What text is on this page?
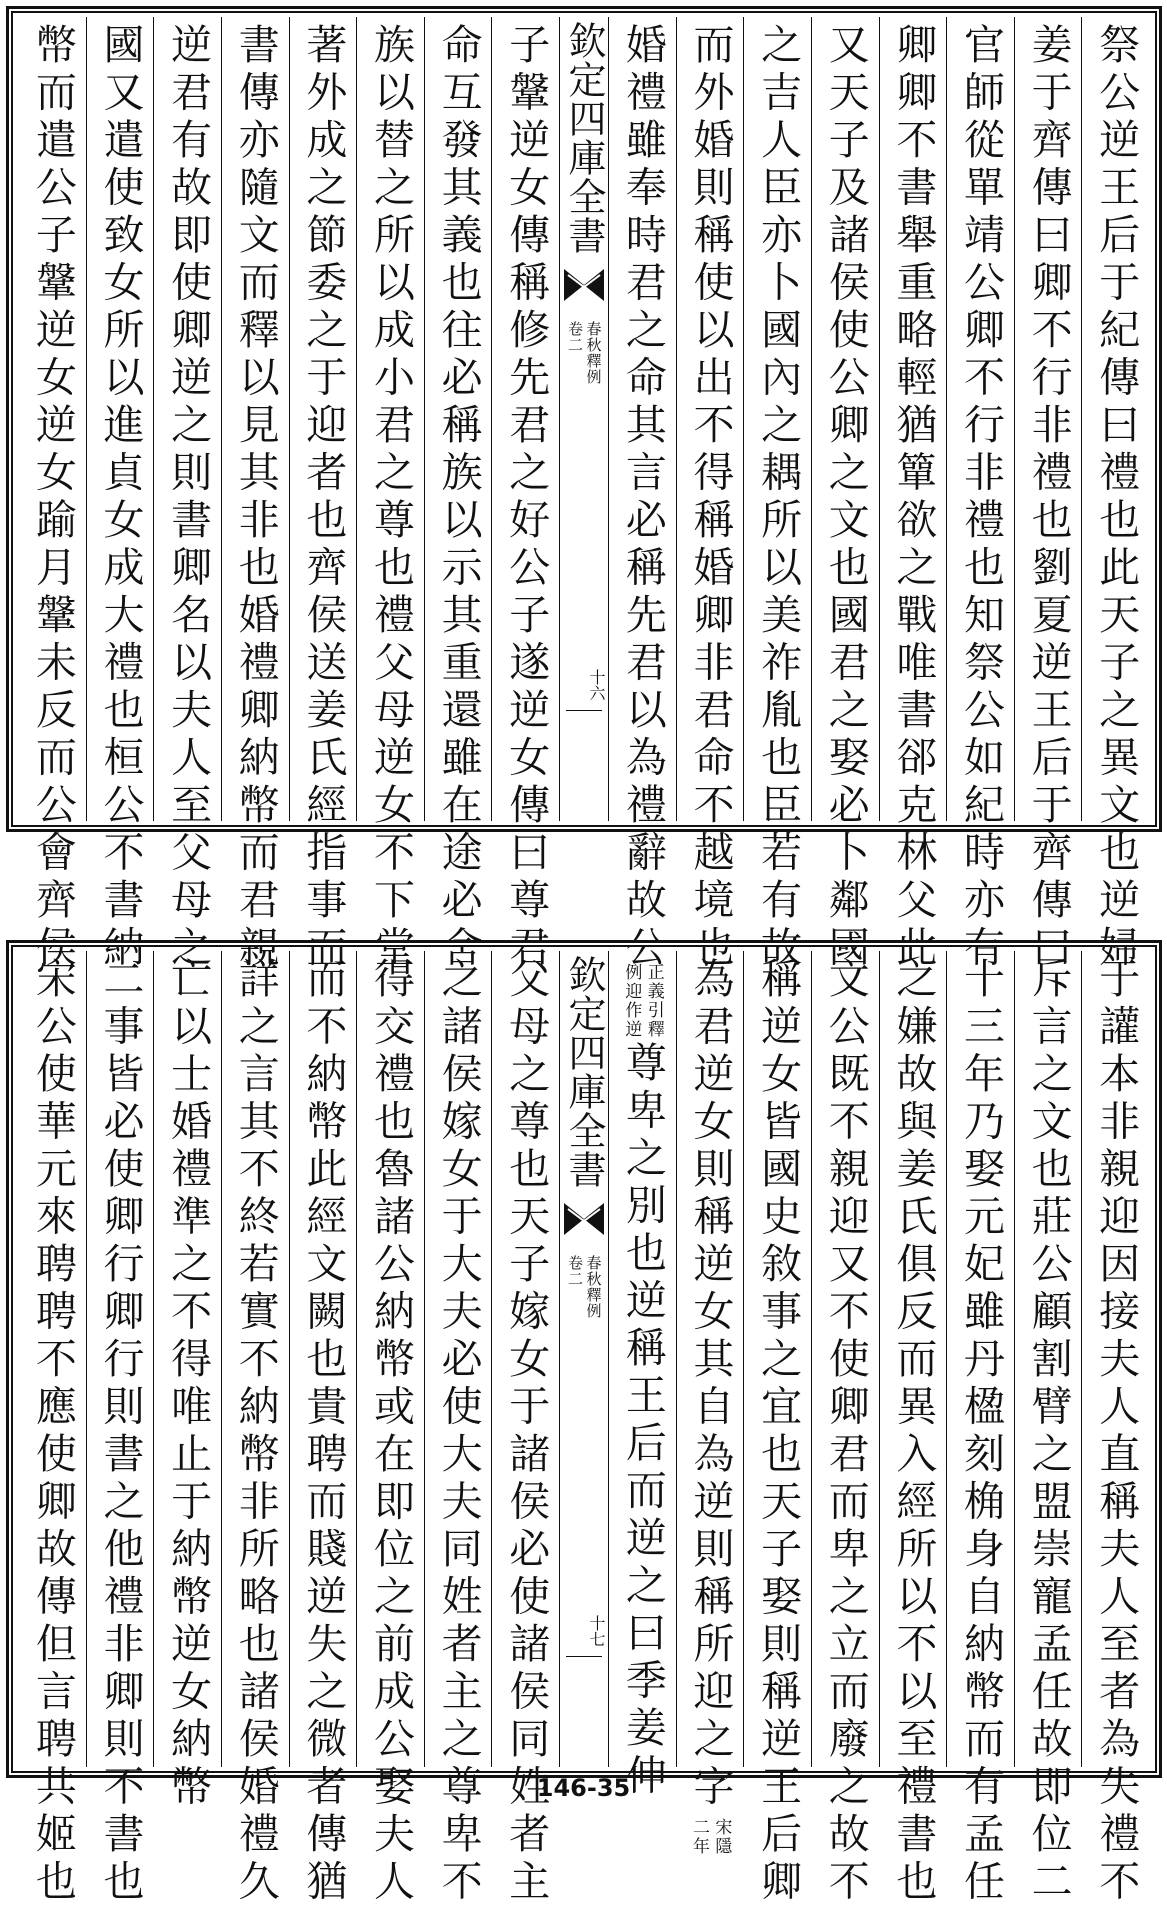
祭公逆王后于紀傳曰禮也此天子之異文也逆婦
姜于齊傳曰卿不行非禮也劉夏逆王后于齊傳曰
官師從單靖公卿不行非禮也知祭公如紀時亦有
卿卿不書舉重略輕猶簞欲之戰唯書郤克林父此
又天子及諸侯使公卿之文也國君之娶必卜鄰國
之吉人臣亦卜國內之耦所以美祚胤也臣若有故
而外婚則稱使以出不得稱婚卿非君命不越境也
婚禮雖奉時君之命其言必稱先君以為禮辭故公
欽定四庫全書
春秋釋例
卷二
十六
子鞶逆女傳稱修先君之好公子遂逆女傳曰尊君
命互發其義也往必稱族以示其重還雖在途必舍
族以替之所以成小君之尊也禮父母逆女不下堂
著外成之節委之于迎者也齊侯送姜氏經指事而
書傳亦隨文而釋以見其非也婚禮卿納幣而君親
逆君有故即使卿逆之則書卿名以夫人至父母之
國又遣使致女所以進貞女成大禮也桓公不書納
幣而遣公子鞶逆女逆女踰月鞶未反而公會齊侯
于讙本非親迎因接夫人直稱夫人至者為失禮不
斥言之文也莊公顧割臂之盟崇寵孟任故即位二
十三年乃娶元妃雖丹楹刻桷身自納幣而有孟任
之嫌故與姜氏俱反而異入經所以不以至禮書也
文公既不親迎又不使卿君而卑之立而廢之故不
稱逆女皆國史敘事之宜也天子娶則稱逆王后卿
為君逆女則稱逆女其自為逆則稱所迎之字
宋隱
二年
正義引釋
例迎作逆
尊卑之別也逆稱王后而逆之曰季姜伸
欽定四庫全書
春秋釋例
卷二
十七
父母之尊也天子嫁女于諸侯必使諸侯同姓者主
之諸侯嫁女于大夫必使大夫同姓者主之尊卑不
得交禮也魯諸公納幣或在即位之前成公娶夫人
而不納幣此經文闕也貴聘而賤逆失之微者傳猶
詳之言其不終若實不納幣非所略也諸侯婚禮久
亡以士婚禮準之不得唯止于納幣逆女納幣
二事皆必使卿行卿行則書之他禮非卿則不書也
宋公使華元來聘聘不應使卿故傳但言聘共姬也	146-35
